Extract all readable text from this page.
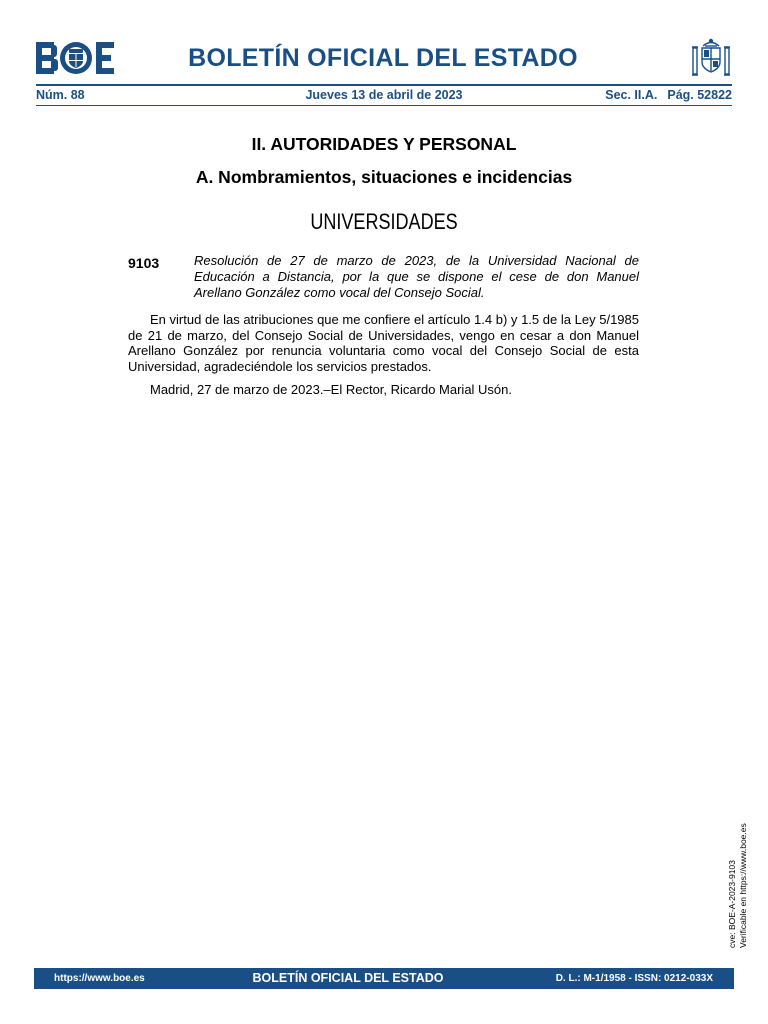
BOLETÍN OFICIAL DEL ESTADO
Núm. 88	Jueves 13 de abril de 2023	Sec. II.A. Pág. 52822
II. AUTORIDADES Y PERSONAL
A. Nombramientos, situaciones e incidencias
UNIVERSIDADES
9103	Resolución de 27 de marzo de 2023, de la Universidad Nacional de Educación a Distancia, por la que se dispone el cese de don Manuel Arellano González como vocal del Consejo Social.

En virtud de las atribuciones que me confiere el artículo 1.4 b) y 1.5 de la Ley 5/1985 de 21 de marzo, del Consejo Social de Universidades, vengo en cesar a don Manuel Arellano González por renuncia voluntaria como vocal del Consejo Social de esta Universidad, agradeciéndole los servicios prestados.

Madrid, 27 de marzo de 2023.–El Rector, Ricardo Marial Usón.

cve: BOE-A-2023-9103 Verificable en https://www.boe.es
https://www.boe.es	BOLETÍN OFICIAL DEL ESTADO	D. L.: M-1/1958 - ISSN: 0212-033X
